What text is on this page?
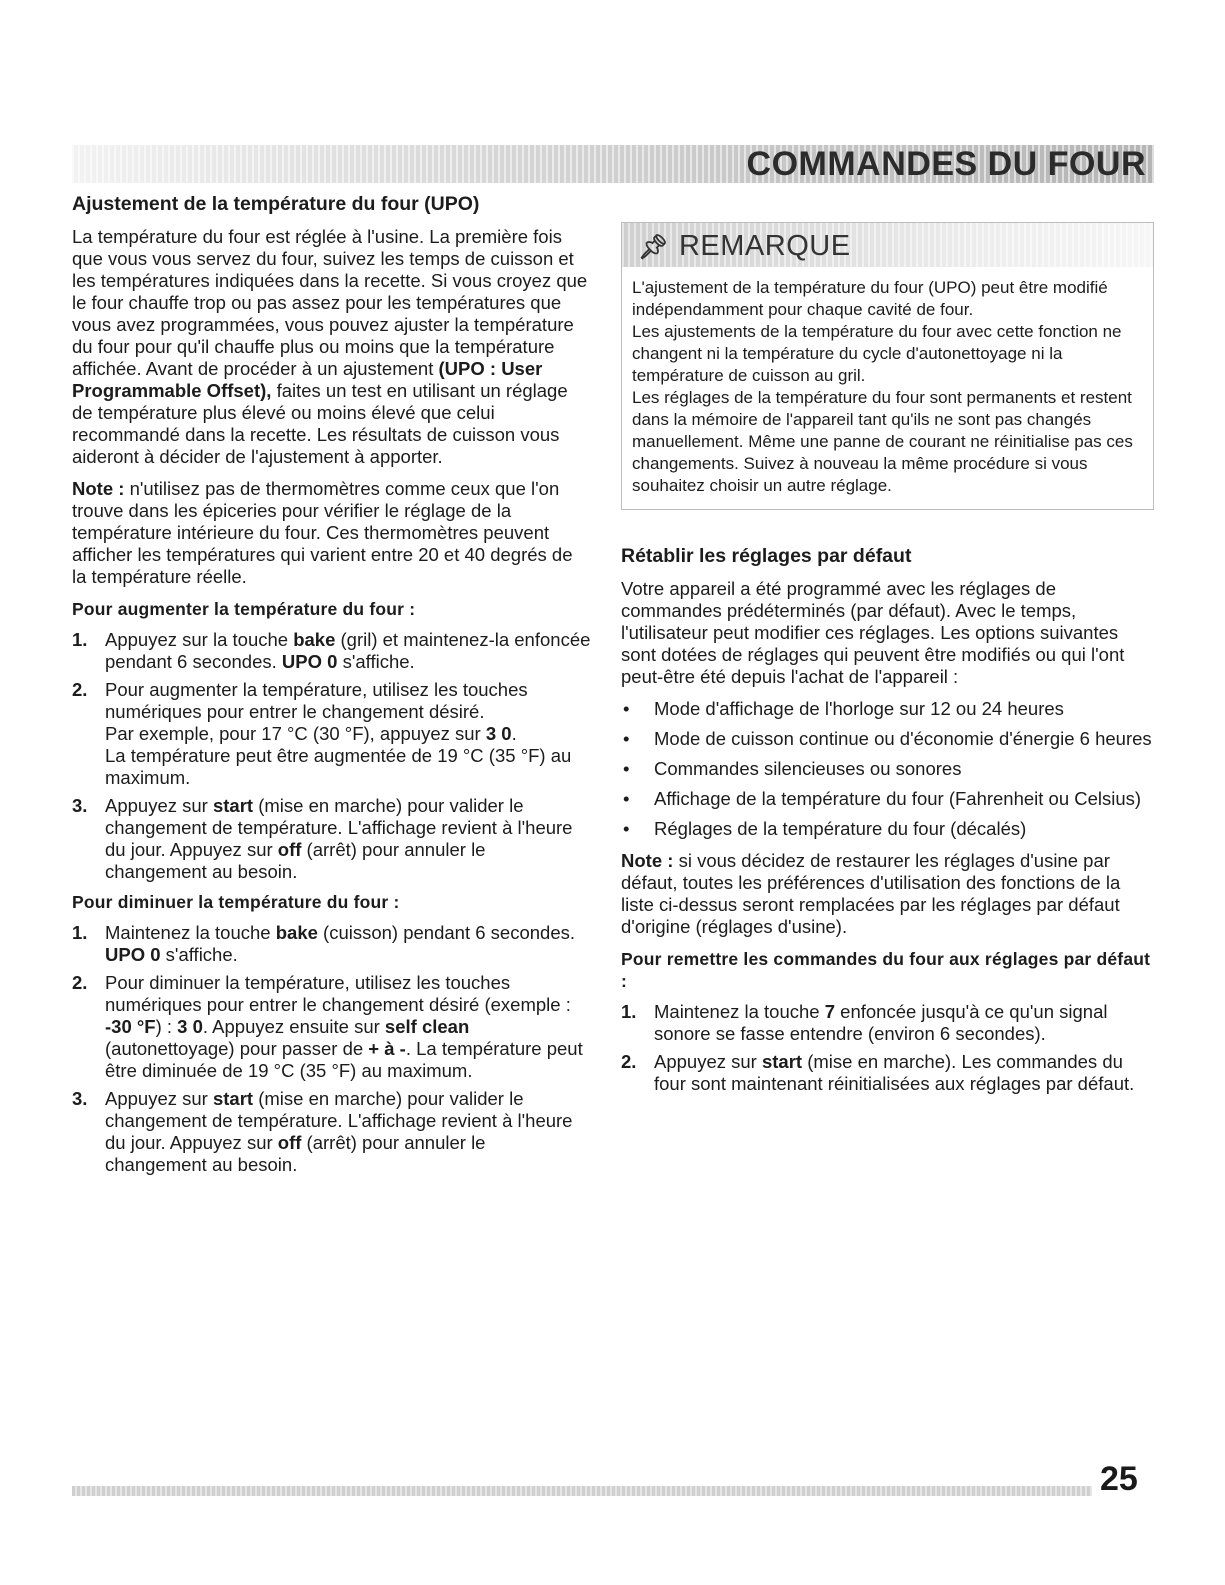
COMMANDES DU FOUR
Ajustement de la température du four (UPO)

La température du four est réglée à l'usine. La première fois que vous vous servez du four, suivez les temps de cuisson et les températures indiquées dans la recette. Si vous croyez que le four chauffe trop ou pas assez pour les températures que vous avez programmées, vous pouvez ajuster la température du four pour qu'il chauffe plus ou moins que la température affichée. Avant de procéder à un ajustement (UPO : User Programmable Offset), faites un test en utilisant un réglage de température plus élevé ou moins élevé que celui recommandé dans la recette. Les résultats de cuisson vous aideront à décider de l'ajustement à apporter.

Note : n'utilisez pas de thermomètres comme ceux que l'on trouve dans les épiceries pour vérifier le réglage de la température intérieure du four. Ces thermomètres peuvent afficher les températures qui varient entre 20 et 40 degrés de la température réelle.

Pour augmenter la température du four :
1. Appuyez sur la touche bake (gril) et maintenez-la enfoncée pendant 6 secondes. UPO 0 s'affiche.
2. Pour augmenter la température, utilisez les touches numériques pour entrer le changement désiré.
Par exemple, pour 17 °C (30 °F), appuyez sur 3 0.
La température peut être augmentée de 19 °C (35 °F) au maximum.
3. Appuyez sur start (mise en marche) pour valider le changement de température. L'affichage revient à l'heure du jour. Appuyez sur off (arrêt) pour annuler le changement au besoin.
Pour diminuer la température du four :
1. Maintenez la touche bake (cuisson) pendant 6 secondes. UPO 0 s'affiche.
2. Pour diminuer la température, utilisez les touches numériques pour entrer le changement désiré (exemple : -30 °F) : 3 0. Appuyez ensuite sur self clean (autonettoyage) pour passer de + à -. La température peut être diminuée de 19 °C (35 °F) au maximum.
3. Appuyez sur start (mise en marche) pour valider le changement de température. L'affichage revient à l'heure du jour. Appuyez sur off (arrêt) pour annuler le changement au besoin.
📌︎ REMARQUE

L'ajustement de la température du four (UPO) peut être modifié indépendamment pour chaque cavité de four.

Les ajustements de la température du four avec cette fonction ne changent ni la température du cycle d'autonettoyage ni la température de cuisson au gril.

Les réglages de la température du four sont permanents et restent dans la mémoire de l'appareil tant qu'ils ne sont pas changés manuellement. Même une panne de courant ne réinitialise pas ces changements. Suivez à nouveau la même procédure si vous souhaitez choisir un autre réglage.

Rétablir les réglages par défaut

Votre appareil a été programmé avec les réglages de commandes prédéterminés (par défaut). Avec le temps, l'utilisateur peut modifier ces réglages. Les options suivantes sont dotées de réglages qui peuvent être modifiés ou qui l'ont peut-être été depuis l'achat de l'appareil :

• Mode d'affichage de l'horloge sur 12 ou 24 heures
• Mode de cuisson continue ou d'économie d'énergie 6 heures
• Commandes silencieuses ou sonores
• Affichage de la température du four (Fahrenheit ou Celsius)
• Réglages de la température du four (décalés)

Note : si vous décidez de restaurer les réglages d'usine par défaut, toutes les préférences d'utilisation des fonctions de la liste ci-dessus seront remplacées par les réglages par défaut d'origine (réglages d'usine).

Pour remettre les commandes du four aux réglages par défaut :
1. Maintenez la touche 7 enfoncée jusqu'à ce qu'un signal sonore se fasse entendre (environ 6 secondes).
2. Appuyez sur start (mise en marche). Les commandes du four sont maintenant réinitialisées aux réglages par défaut.
25
